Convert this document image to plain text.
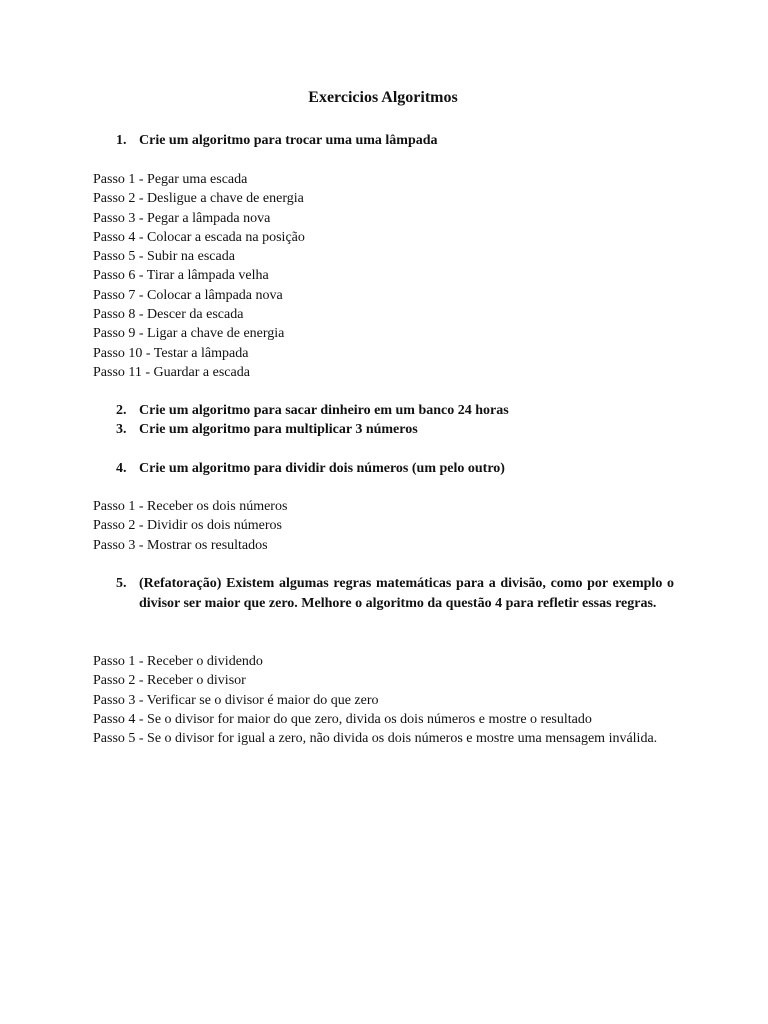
Exercicios Algoritmos
1. Crie um algoritmo para trocar uma uma lâmpada
Passo 1 - Pegar uma escada
Passo 2 - Desligue a chave de energia
Passo 3 - Pegar a lâmpada nova
Passo 4 - Colocar a escada na posição
Passo 5 - Subir na escada
Passo 6 - Tirar a lâmpada velha
Passo 7 - Colocar a lâmpada nova
Passo 8 - Descer da escada
Passo 9 - Ligar a chave de energia
Passo 10 - Testar a lâmpada
Passo 11 - Guardar a escada
2. Crie um algoritmo para sacar dinheiro em um banco 24 horas
3. Crie um algoritmo para multiplicar 3 números
4. Crie um algoritmo para dividir dois números (um pelo outro)
Passo 1 - Receber os dois números
Passo 2 - Dividir os dois números
Passo 3 - Mostrar os resultados
5. (Refatoração) Existem algumas regras matemáticas para a divisão, como por exemplo o divisor ser maior que zero. Melhore o algoritmo da questão 4 para refletir essas regras.
Passo 1 - Receber o dividendo
Passo 2 - Receber o divisor
Passo 3 - Verificar se o divisor é maior do que zero
Passo 4 - Se o divisor for maior do que zero, divida os dois números e mostre o resultado
Passo 5 - Se o divisor for igual a zero, não divida os dois números e mostre uma mensagem inválida.
